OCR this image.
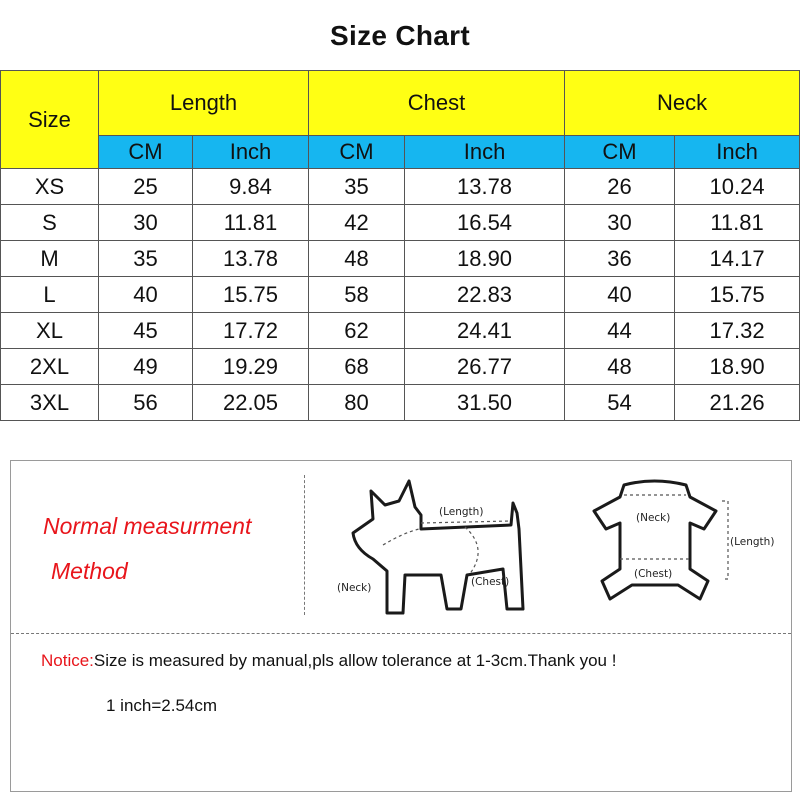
Size Chart
Size	Length		Chest		Neck	
	CM	Inch	CM	Inch	CM	Inch
XS	25	9.84	35	13.78	26	10.24
S	30	11.81	42	16.54	30	11.81
M	35	13.78	48	18.90	36	14.17
L	40	15.75	58	22.83	40	15.75
XL	45	17.72	62	24.41	44	17.32
2XL	49	19.29	68	26.77	48	18.90
3XL	56	22.05	80	31.50	54	21.26
Normal measurment
Method
(Length)
(Neck)	(Chest)
(Neck)
(Length)
(Chest)
Notice:Size is measured by manual,pls allow tolerance at 1-3cm.Thank you !
1 inch=2.54cm
